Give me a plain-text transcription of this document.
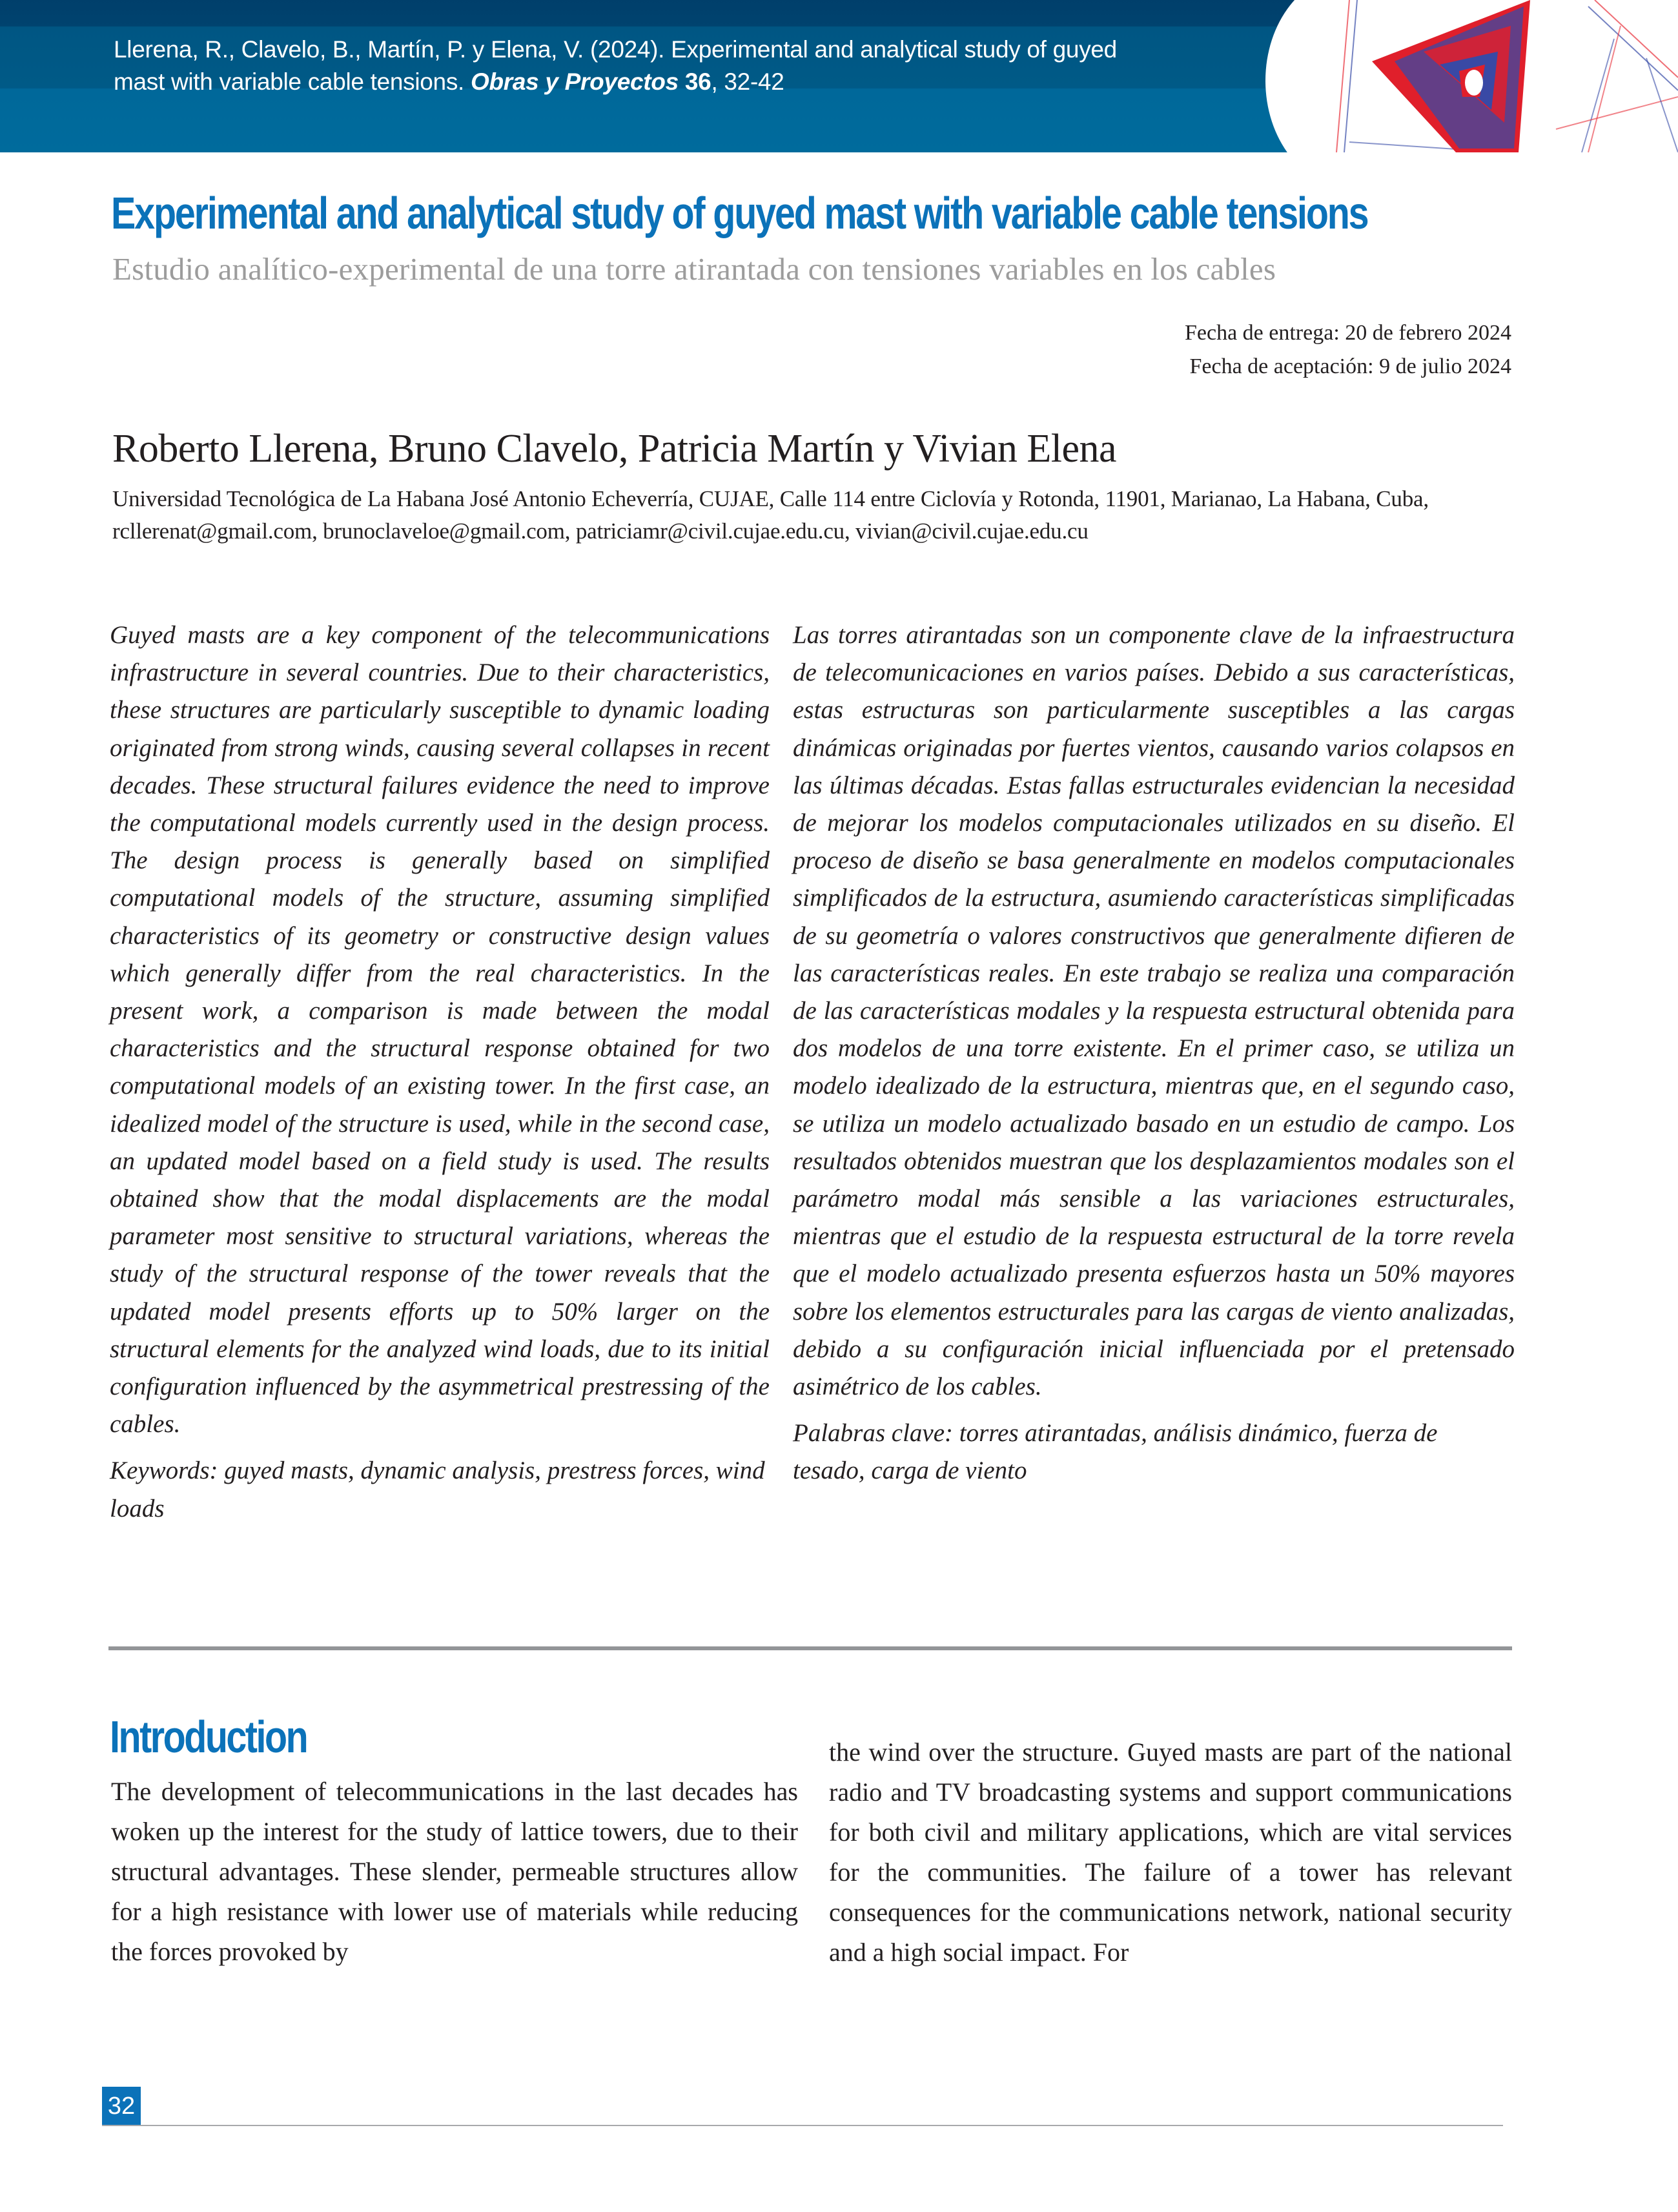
Llerena, R., Clavelo, B., Martín, P. y Elena, V. (2024). Experimental and analytical study of guyed
mast with variable cable tensions. Obras y Proyectos 36, 32-42
Experimental and analytical study of guyed mast with variable cable tensions
Estudio analítico-experimental de una torre atirantada con tensiones variables en los cables
Fecha de entrega: 20 de febrero 2024
Fecha de aceptación: 9 de julio 2024
Roberto Llerena, Bruno Clavelo, Patricia Martín y Vivian Elena
Universidad Tecnológica de La Habana José Antonio Echeverría, CUJAE, Calle 114 entre Ciclovía y Rotonda, 11901, Marianao, La Habana, Cuba, rcllerenat@gmail.com, brunoclaveloe@gmail.com, patriciamr@civil.cujae.edu.cu, vivian@civil.cujae.edu.cu

Guyed masts are a key component of the telecommunications infrastructure in several countries. Due to their characteristics, these structures are particularly susceptible to dynamic loading originated from strong winds, causing several collapses in recent decades. These structural failures evidence the need to improve the computational models currently used in the design process. The design process is generally based on simplified computational models of the structure, assuming simplified characteristics of its geometry or constructive design values which generally differ from the real characteristics. In the present work, a comparison is made between the modal characteristics and the structural response obtained for two computational models of an existing tower. In the first case, an idealized model of the structure is used, while in the second case, an updated model based on a field study is used. The results obtained show that the modal displacements are the modal parameter most sensitive to structural variations, whereas the study of the structural response of the tower reveals that the updated model presents efforts up to 50% larger on the structural elements for the analyzed wind loads, due to its initial configuration influenced by the asymmetrical prestressing of the cables.

Keywords: guyed masts, dynamic analysis, prestress forces, wind loads

Las torres atirantadas son un componente clave de la infraestructura de telecomunicaciones en varios países. Debido a sus características, estas estructuras son particularmente susceptibles a las cargas dinámicas originadas por fuertes vientos, causando varios colapsos en las últimas décadas. Estas fallas estructurales evidencian la necesidad de mejorar los modelos computacionales utilizados en su diseño. El proceso de diseño se basa generalmente en modelos computacionales simplificados de la estructura, asumiendo características simplificadas de su geometría o valores constructivos que generalmente difieren de las características reales. En este trabajo se realiza una comparación de las características modales y la respuesta estructural obtenida para dos modelos de una torre existente. En el primer caso, se utiliza un modelo idealizado de la estructura, mientras que, en el segundo caso, se utiliza un modelo actualizado basado en un estudio de campo. Los resultados obtenidos muestran que los desplazamientos modales son el parámetro modal más sensible a las variaciones estructurales, mientras que el estudio de la respuesta estructural de la torre revela que el modelo actualizado presenta esfuerzos hasta un 50% mayores sobre los elementos estructurales para las cargas de viento analizadas, debido a su configuración inicial influenciada por el pretensado asimétrico de los cables.

Palabras clave: torres atirantadas, análisis dinámico, fuerza de tesado, carga de viento

Introduction

The development of telecommunications in the last decades has woken up the interest for the study of lattice towers, due to their structural advantages. These slender, permeable structures allow for a high resistance with lower use of materials while reducing the forces provoked by

the wind over the structure. Guyed masts are part of the national radio and TV broadcasting systems and support communications for both civil and military applications, which are vital services for the communities. The failure of a tower has relevant consequences for the communications network, national security and a high social impact. For

32
